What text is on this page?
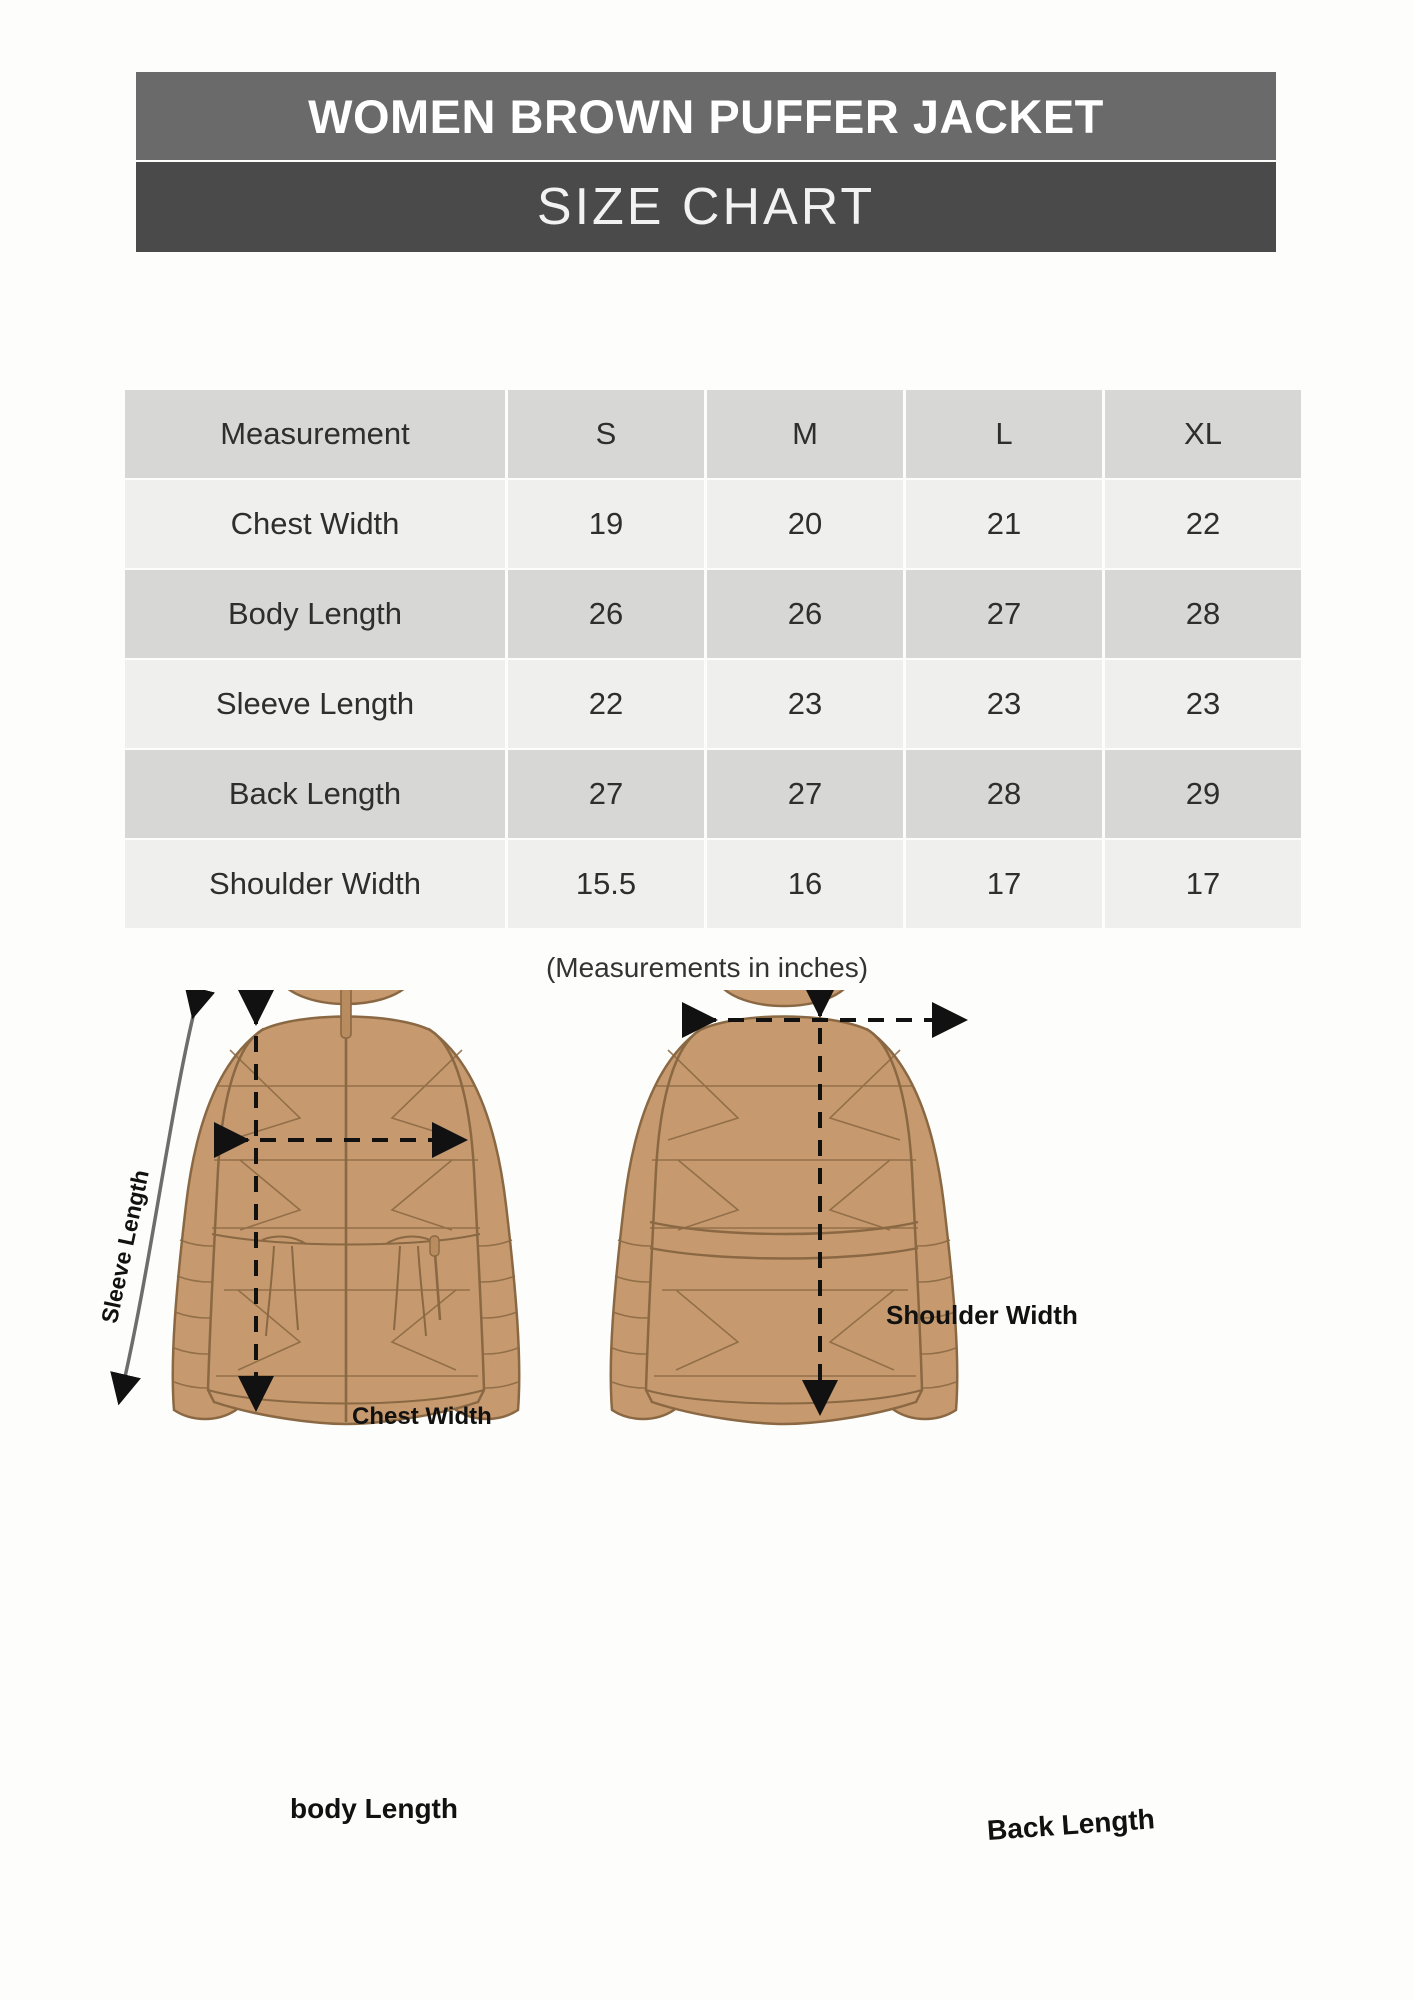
WOMEN BROWN PUFFER JACKET
SIZE CHART
Measurement	S	M	L	XL
Chest Width	19	20	21	22
Body Length	26	26	27	28
Sleeve Length	22	23	23	23
Back Length	27	27	28	29
Shoulder Width	15.5	16	17	17
(Measurements in inches)
Chest Width
body Length
Sleeve Length	Shoulder Width
Back Length
